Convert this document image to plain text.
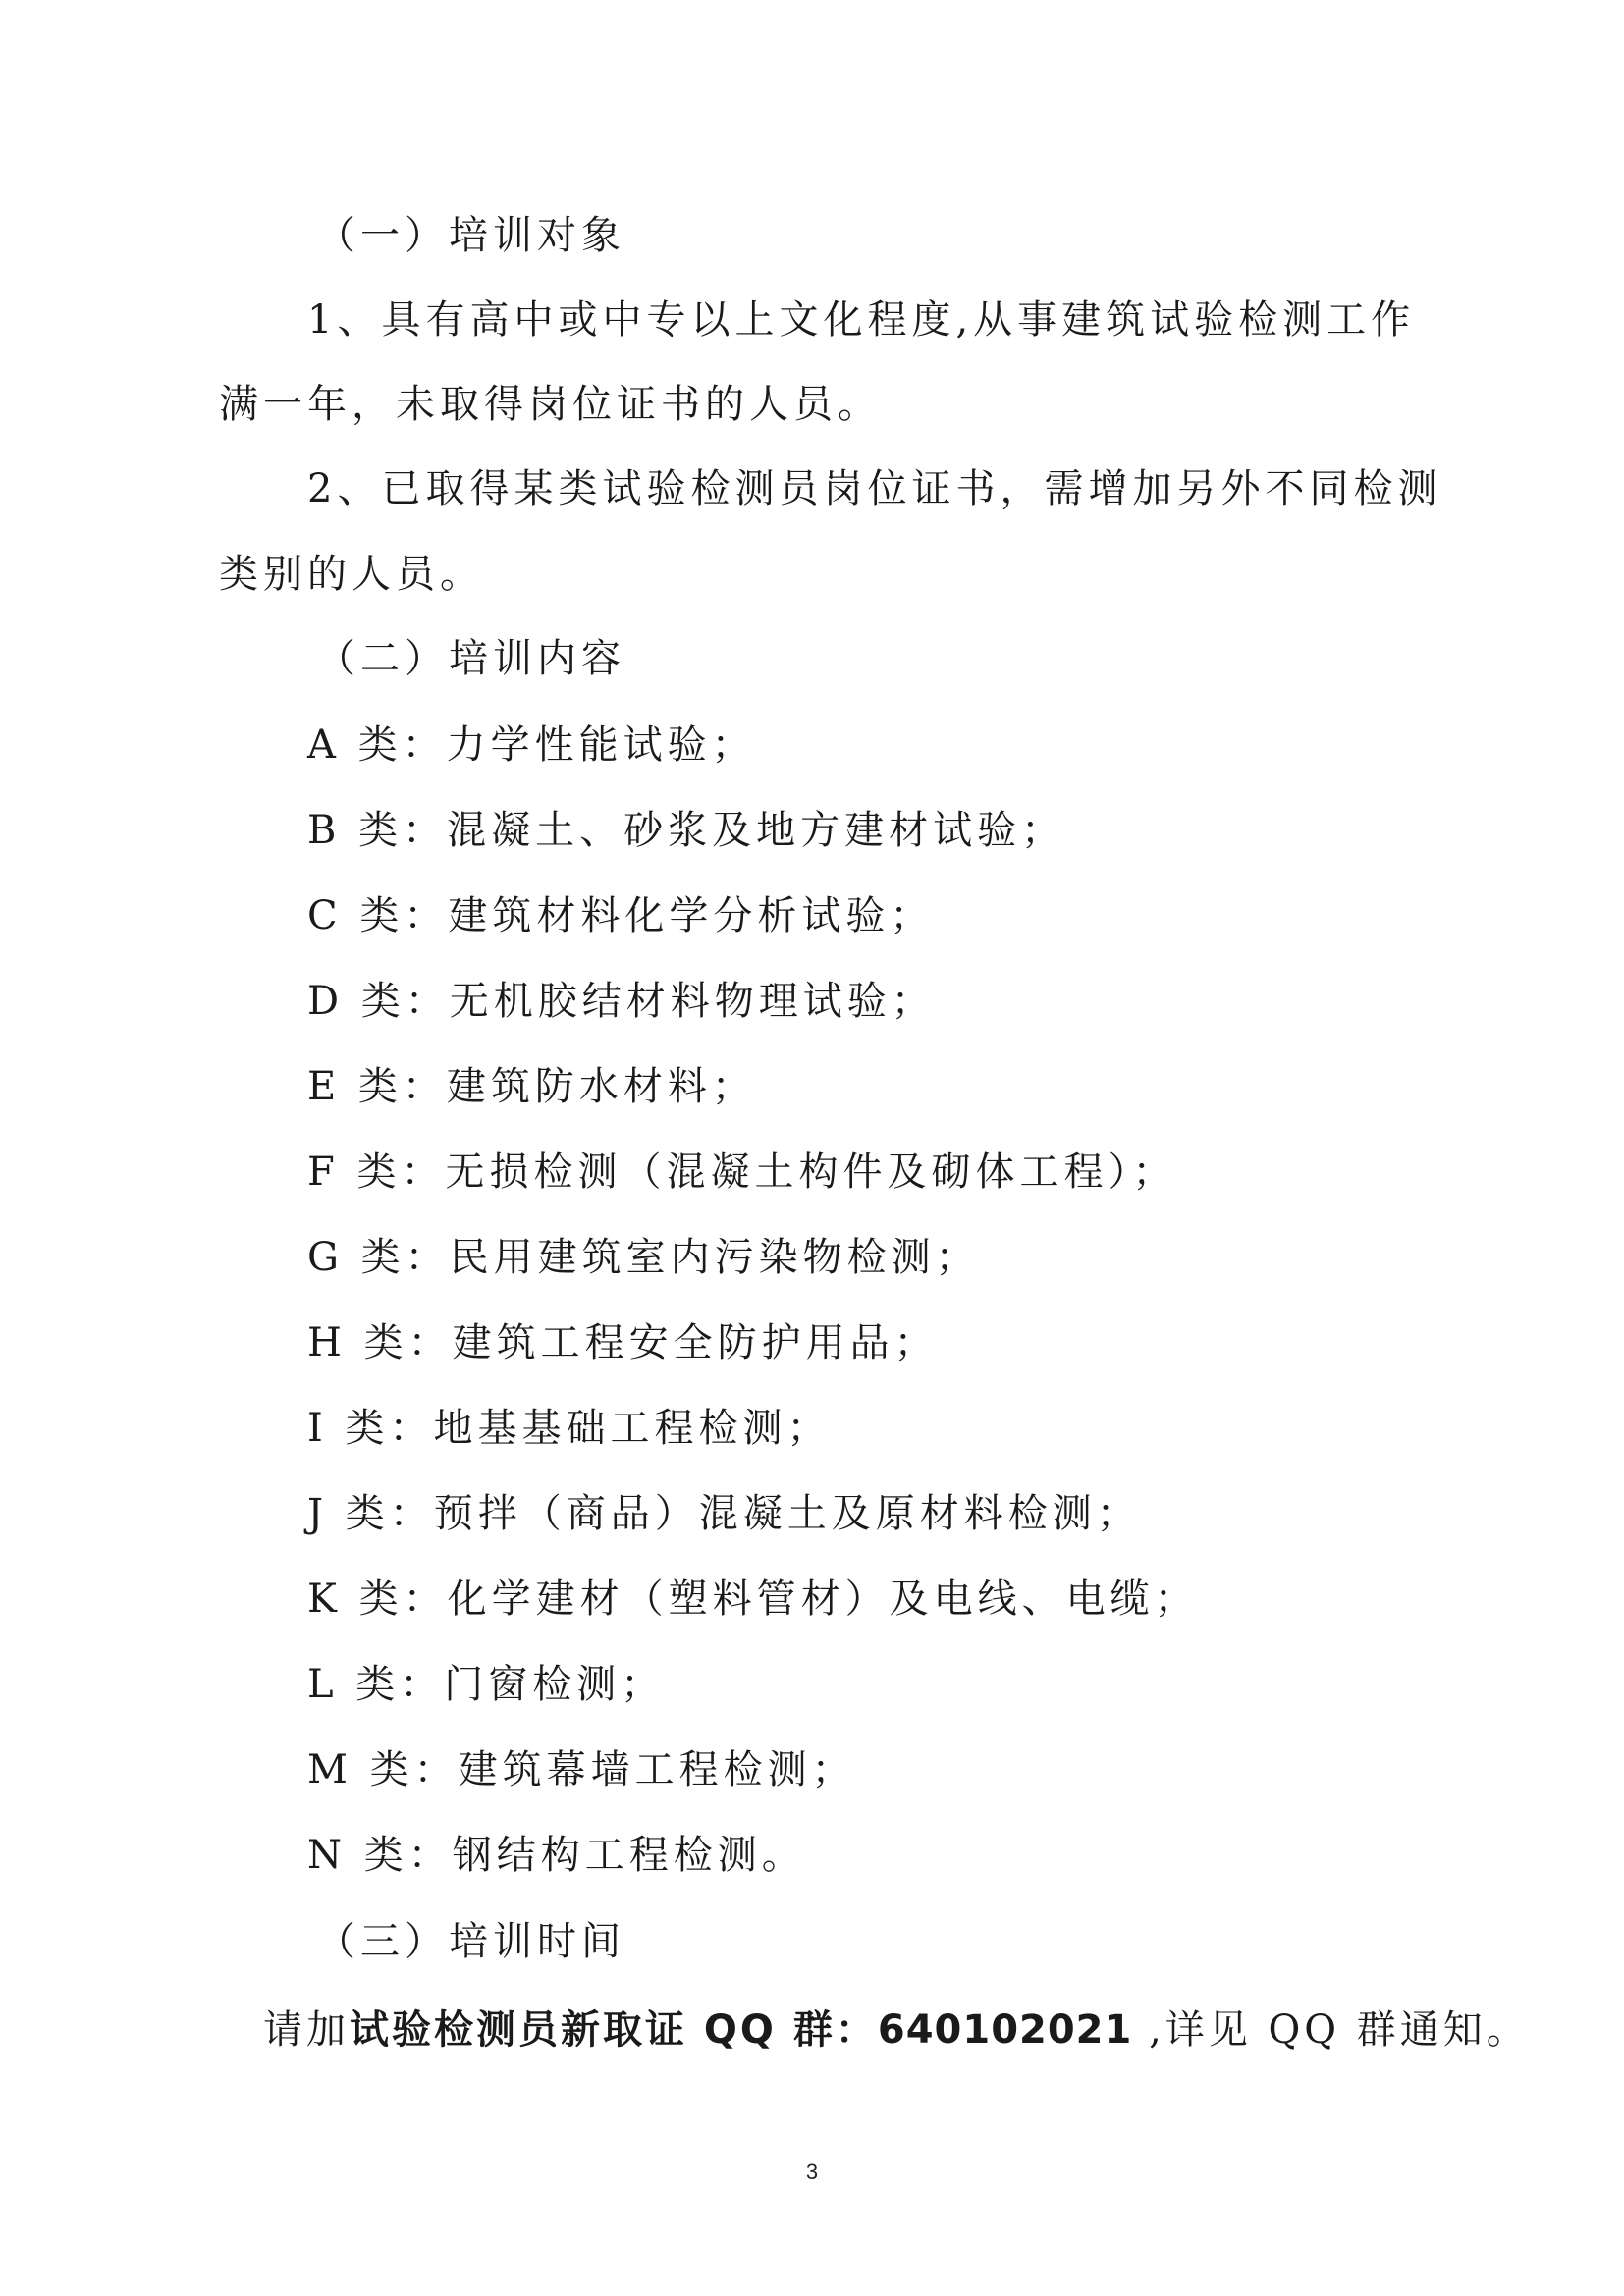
（一）培训对象
1、具有高中或中专以上文化程度,从事建筑试验检测工作
满一年，未取得岗位证书的人员。
2、已取得某类试验检测员岗位证书，需增加另外不同检测
类别的人员。
（二）培训内容
A 类：力学性能试验；
B 类：混凝土、砂浆及地方建材试验；
C 类：建筑材料化学分析试验；
D 类：无机胶结材料物理试验；
E 类：建筑防水材料；
F 类：无损检测（混凝土构件及砌体工程）；
G 类：民用建筑室内污染物检测；
H 类：建筑工程安全防护用品；
I 类：地基基础工程检测；
J 类：预拌（商品）混凝土及原材料检测；
K 类：化学建材（塑料管材）及电线、电缆；
L 类：门窗检测；
M 类：建筑幕墙工程检测；
N 类：钢结构工程检测。
（三）培训时间
请加试验检测员新取证 QQ 群：640102021 ,详见 QQ 群通知。
3
